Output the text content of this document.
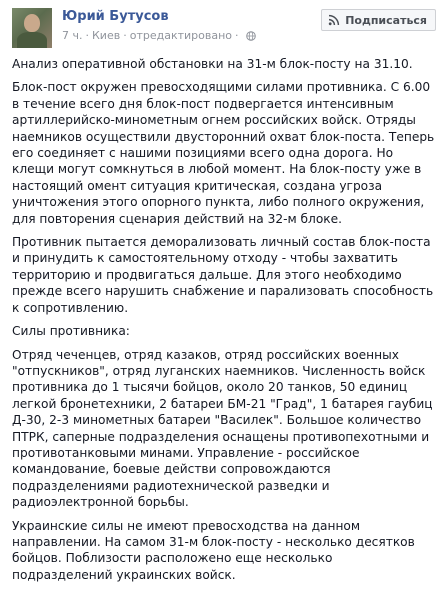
Юрий Бутусов
7 ч. · Киев · отредактировано ·
Подписаться

Анализ оперативной обстановки на 31-м блок-посту на 31.10.

Блок-пост окружен превосходящими силами противника. С 6.00 в течение всего дня блок-пост подвергается интенсивным артиллерийско-минометным огнем российских войск. Отряды наемников осуществили двусторонний охват блок-поста. Теперь его соединяет с нашими позициями всего одна дорога. Но клещи могут сомкнуться в любой момент. На блок-посту уже в настоящий омент ситуация критическая, создана угроза уничтожения этого опорного пункта, либо полного окружения, для повторения сценария действий на 32-м блоке.

Противник пытается деморализовать личный состав блок-поста и принудить к самостоятельному отходу - чтобы захватить территорию и продвигаться дальше. Для этого необходимо прежде всего нарушить снабжение и парализовать способность к сопротивлению.

Силы противника:

Отряд чеченцев, отряд казаков, отряд российских военных "отпускников", отряд луганских наемников. Численность войск противника до 1 тысячи бойцов, около 20 танков, 50 единиц легкой бронетехники, 2 батареи БМ-21 "Град", 1 батарея гаубиц Д-30, 2-3 минометных батареи "Василек". Большое количество ПТРК, саперные подразделения оснащены противопехотными и противотанковыми минами. Управление - российское командование, боевые действи сопровождаются подразделениями радиотехнической разведки и радиоэлектронной борьбы.

Украинские силы не имеют превосходства на данном направлении. На самом 31-м блок-посту - несколько десятков бойцов. Поблизости расположено еще несколько подразделений украинских войск.
